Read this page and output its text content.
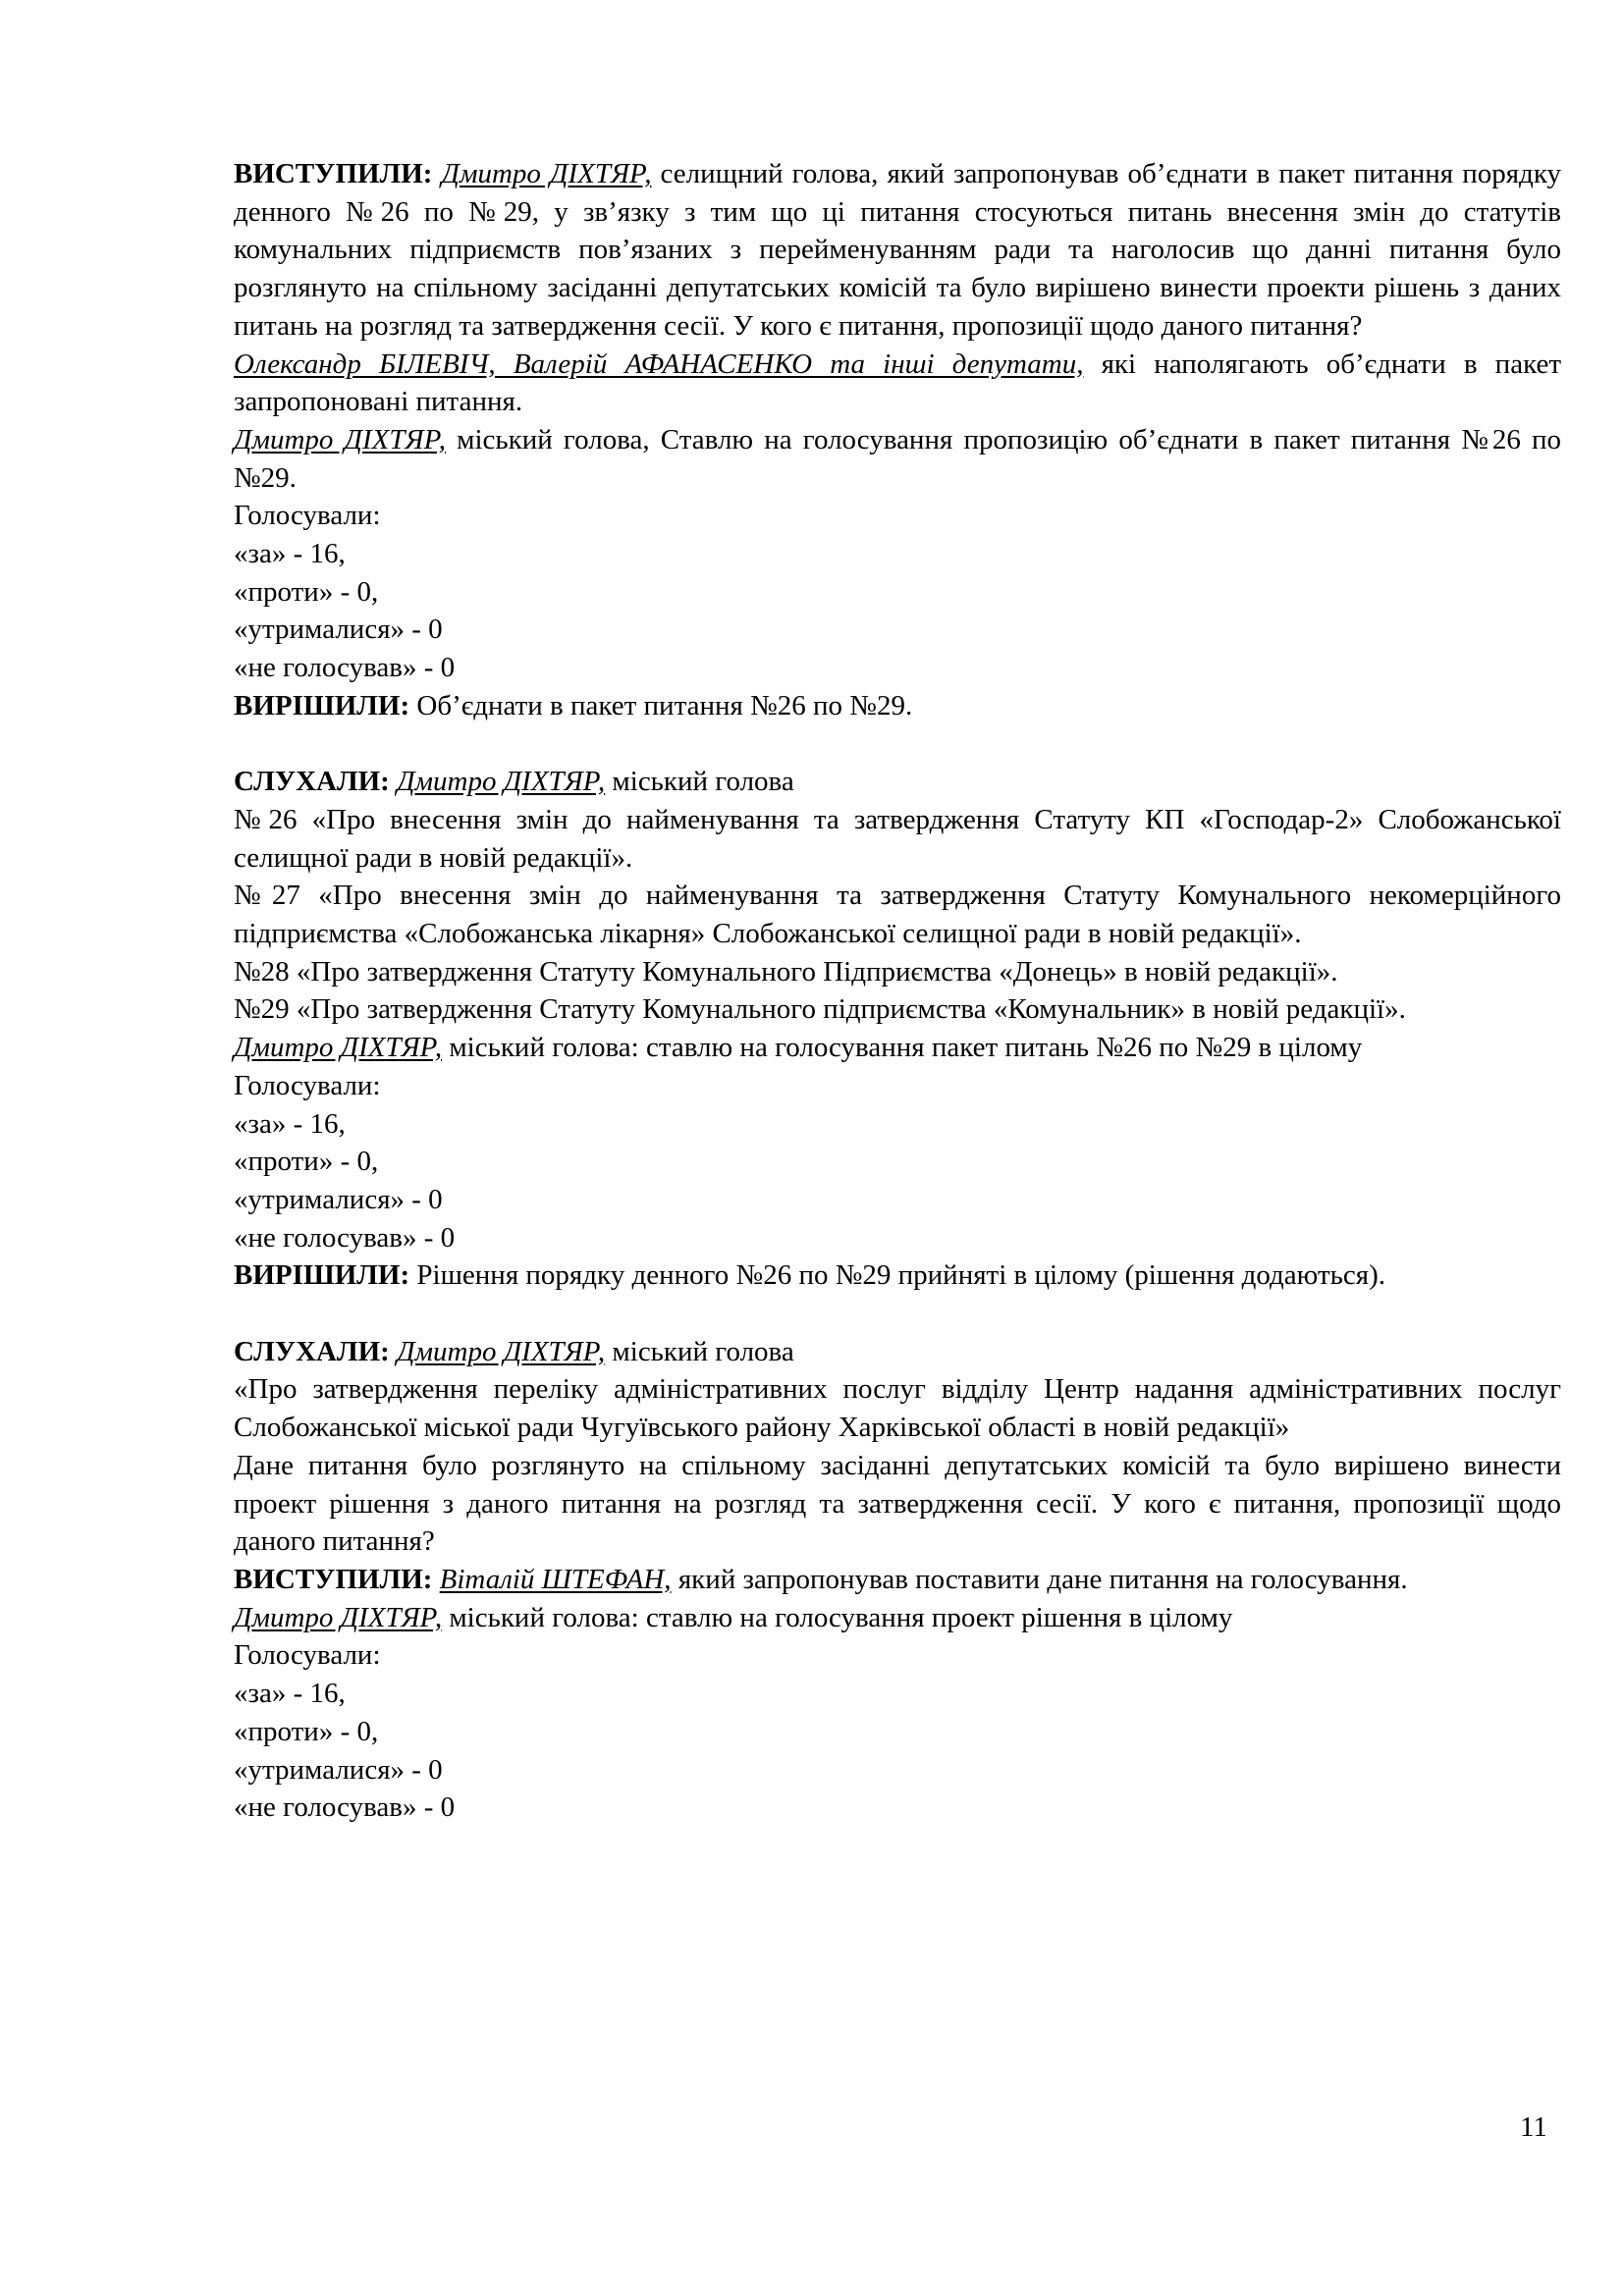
ВИСТУПИЛИ: Дмитро ДІХТЯР, селищний голова, який запропонував об’єднати в пакет питання порядку денного №26 по №29, у зв’язку з тим що ці питання стосуються питань внесення змін до статутів комунальних підприємств пов’язаних з перейменуванням ради та наголосив що данні питання було розглянуто на спільному засіданні депутатських комісій та було вирішено винести проекти рішень з даних питань на розгляд та затвердження сесії. У кого є питання, пропозиції щодо даного питання?

Олександр БІЛЕВІЧ, Валерій АФАНАСЕНКО та інші депутати, які наполягають об’єднати в пакет запропоновані питання.

Дмитро ДІХТЯР, міський голова, Ставлю на голосування пропозицію об’єднати в пакет питання №26 по №29.

Голосували:

«за» - 16,

«проти» - 0,

«утрималися» - 0

«не голосував» - 0

ВИРІШИЛИ: Об’єднати в пакет питання №26 по №29.

СЛУХАЛИ: Дмитро ДІХТЯР, міський голова

№26 «Про внесення змін до найменування та затвердження Статуту КП «Господар-2» Слобожанської селищної ради в новій редакції».

№27 «Про внесення змін до найменування та затвердження Статуту Комунального некомерційного підприємства «Слобожанська лікарня» Слобожанської селищної ради в новій редакції».

№28 «Про затвердження Статуту Комунального Підприємства «Донець» в новій редакції».

№29 «Про затвердження Статуту Комунального підприємства «Комунальник» в новій редакції».

Дмитро ДІХТЯР, міський голова: ставлю на голосування пакет питань №26 по №29 в цілому

Голосували:

«за» - 16,

«проти» - 0,

«утрималися» - 0

«не голосував» - 0

ВИРІШИЛИ: Рішення порядку денного №26 по №29 прийняті в цілому (рішення додаються).

СЛУХАЛИ: Дмитро ДІХТЯР, міський голова

«Про затвердження переліку адміністративних послуг відділу Центр надання адміністративних послуг Слобожанської міської ради Чугуївського району Харківської області в новій редакції»

Дане питання було розглянуто на спільному засіданні депутатських комісій та було вирішено винести проект рішення з даного питання на розгляд та затвердження сесії. У кого є питання, пропозиції щодо даного питання?

ВИСТУПИЛИ: Віталій ШТЕФАН, який запропонував поставити дане питання на голосування.

Дмитро ДІХТЯР, міський голова: ставлю на голосування проект рішення в цілому

Голосували:

«за» - 16,

«проти» - 0,

«утрималися» - 0

«не голосував» - 0

11
